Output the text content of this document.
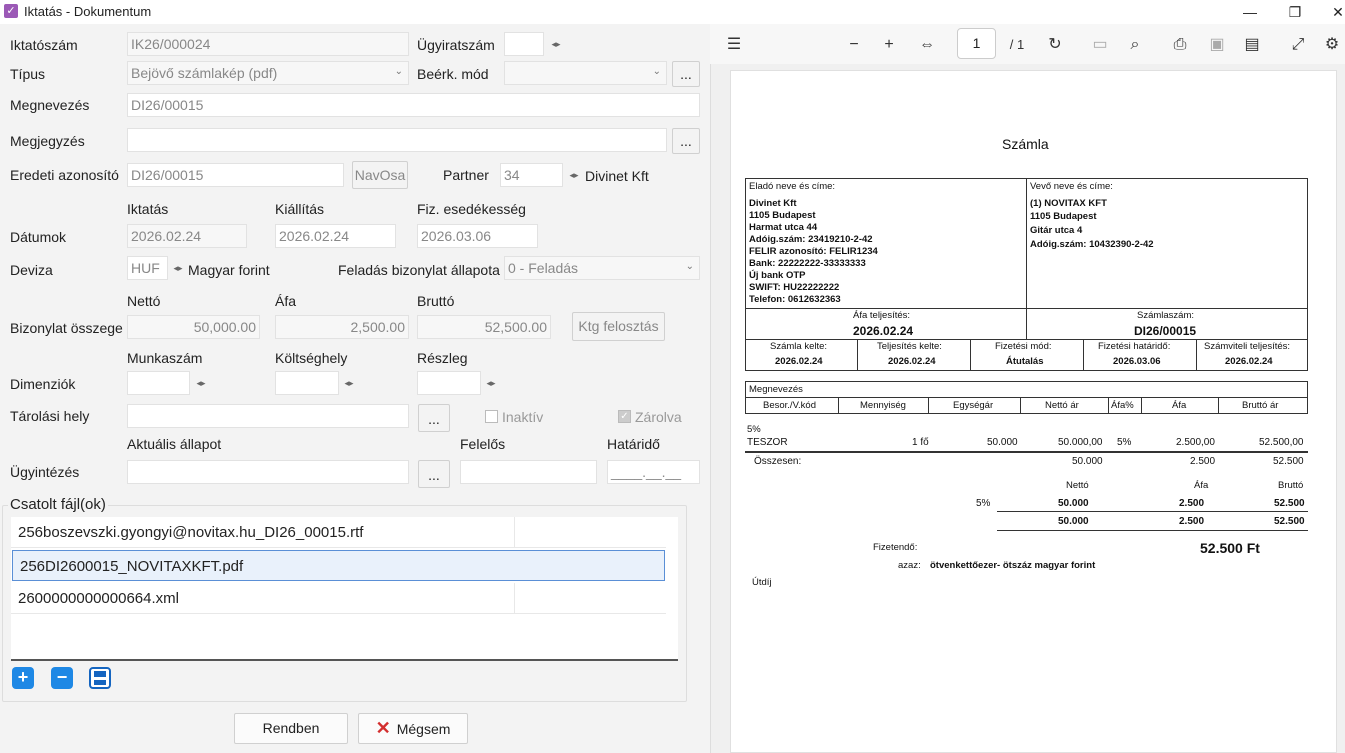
✓ Iktatás - Dokumentum	—	❐	✕
Iktatószám	IK26/000024	Ügyiratszám	◂▸
Típus	Bejövő számlakép (pdf)	⌄ Beérk. mód	⌄	...
Megnevezés	DI26/00015
Megjegyzés	...
Eredeti azonosító DI26/00015	NavOsa	Partner 34	◂▸ Divinet Kft
Iktatás	Kiállítás	Fiz. esedékesség
Dátumok	2026.02.24	2026.02.24	2026.03.06
Deviza	HUF	◂▸ Magyar forint	Feladás bizonylat állapota 0 - Feladás	⌄
Nettó	Áfa	Bruttó
Bizonylat összege	50,000.00	2,500.00	52,500.00	Ktg felosztás
Munkaszám	Költséghely	Részleg
Dimenziók	◂▸	◂▸	◂▸
Tárolási hely	...	Inaktív	✓ Zárolva
Aktuális állapot	Felelős	Határidő
Ügyintézés	...	____.__.__
Csatolt fájl(ok)
256boszevszki.gyongyi@novitax.hu_DI26_00015.rtf
256DI2600015_NOVITAXKFT.pdf
2600000000000664.xml
+	−
Rendben	✕ Mégsem
☰	−	+	⇔	1	/ 1	↻	▭	⌕	⎙	▣ ▤	⤢	⚙
Számla
Eladó neve és címe:
Divinet Kft
1105 Budapest
Harmat utca 44
Adóig.szám: 23419210-2-42
FELIR azonosító: FELIR1234
Bank: 22222222-33333333
Új bank OTP
SWIFT: HU22222222
Telefon: 0612632363
Vevő neve és címe:
(1) NOVITAX KFT
1105 Budapest
Gitár utca 4
Adóig.szám: 10432390-2-42
Áfa teljesítés:
2026.02.24
Számlaszám:
DI26/00015
Számla kelte:	Teljesítés kelte:	Fizetési mód:	Fizetési határidő:	Számviteli teljesítés:
2026.02.24	2026.02.24	Átutalás	2026.03.06	2026.02.24
Megnevezés
Besor./V.kód	Mennyiség	Egységár	Nettó ár	Áfa%	Áfa	Bruttó ár
5%
TESZOR	1 fő	50.000	50.000,00 5%	2.500,00	52.500,00
Összesen:	50.000	2.500	52.500
Nettó	Áfa	Bruttó
5%	50.000	2.500	52.500
50.000	2.500	52.500
Fizetendő:	52.500 Ft
azaz: ötvenkettőezer- ötszáz magyar forint
Útdíj
